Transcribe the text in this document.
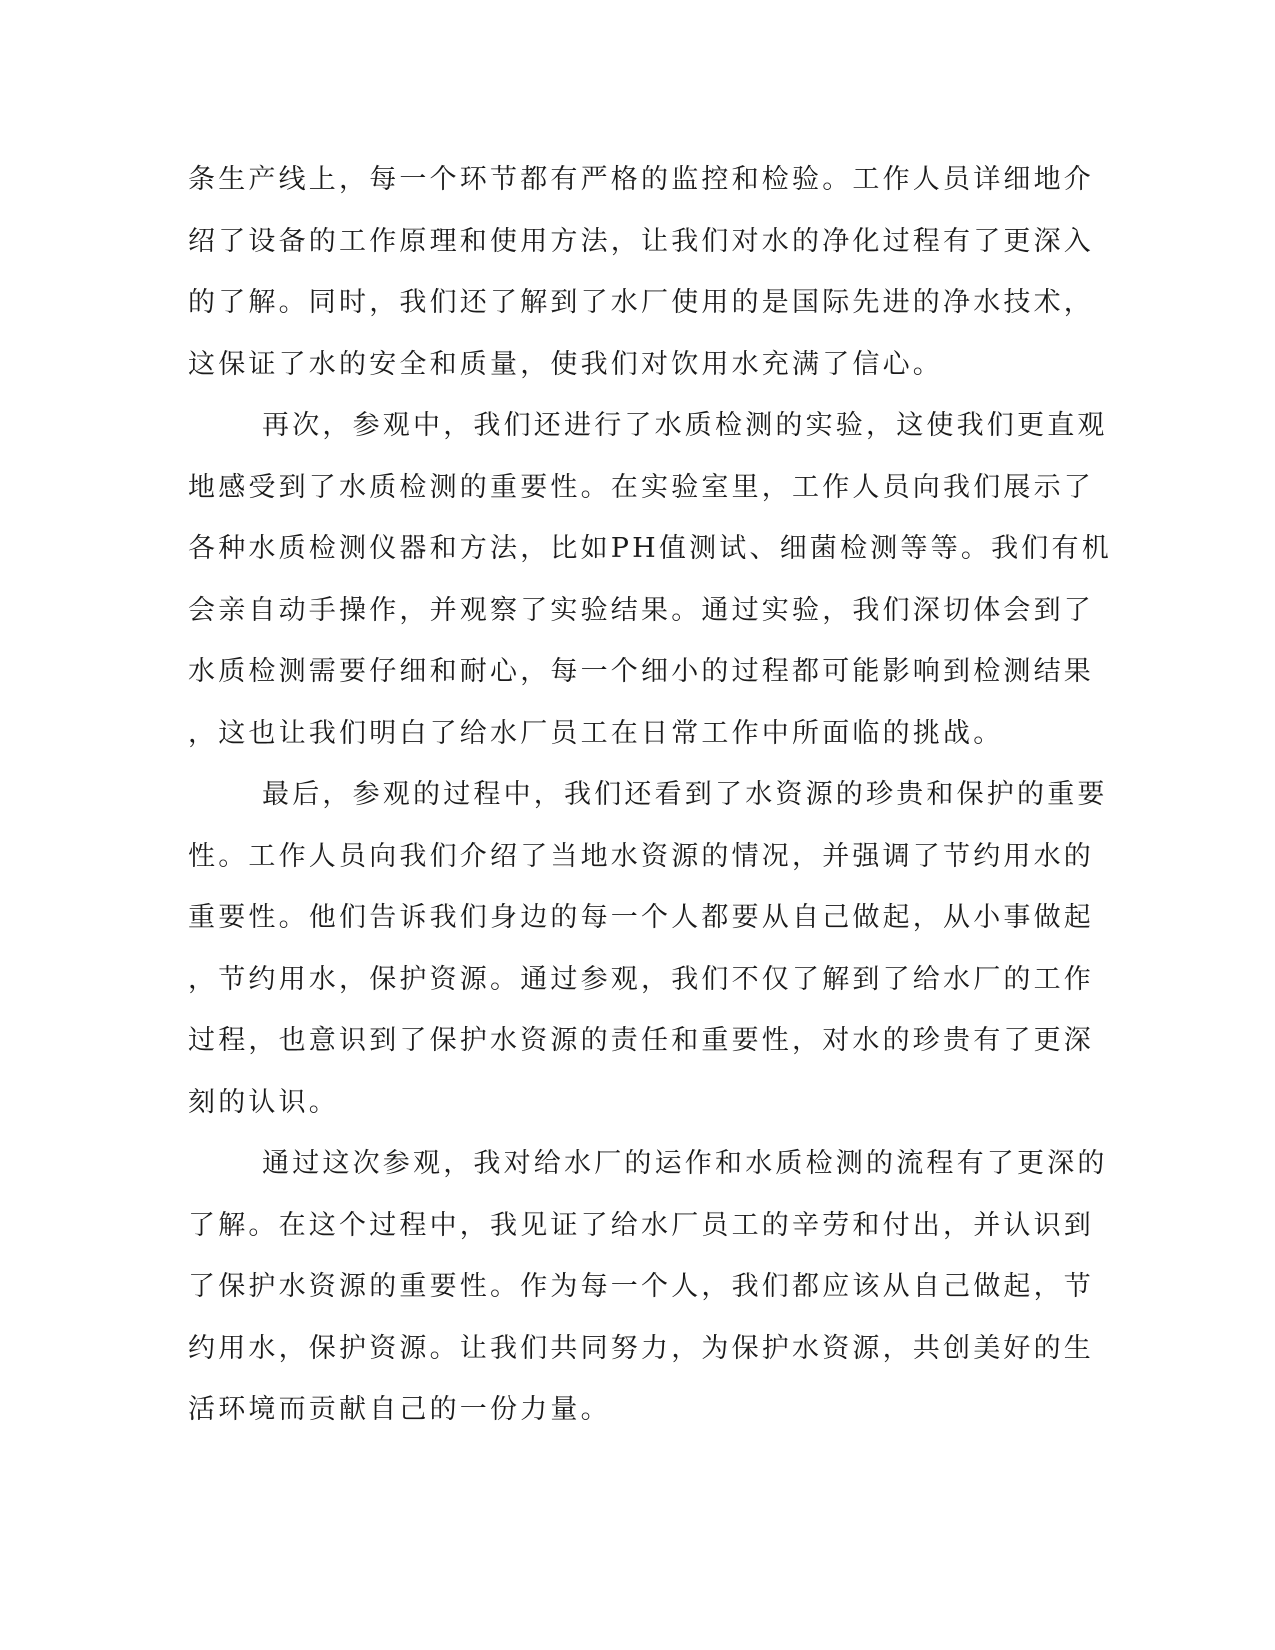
条生产线上，每一个环节都有严格的监控和检验。工作人员详细地介
绍了设备的工作原理和使用方法，让我们对水的净化过程有了更深入
的了解。同时，我们还了解到了水厂使用的是国际先进的净水技术，
这保证了水的安全和质量，使我们对饮用水充满了信心。
再次，参观中，我们还进行了水质检测的实验，这使我们更直观
地感受到了水质检测的重要性。在实验室里，工作人员向我们展示了
各种水质检测仪器和方法，比如PH值测试、细菌检测等等。我们有机
会亲自动手操作，并观察了实验结果。通过实验，我们深切体会到了
水质检测需要仔细和耐心，每一个细小的过程都可能影响到检测结果
，这也让我们明白了给水厂员工在日常工作中所面临的挑战。
最后，参观的过程中，我们还看到了水资源的珍贵和保护的重要
性。工作人员向我们介绍了当地水资源的情况，并强调了节约用水的
重要性。他们告诉我们身边的每一个人都要从自己做起，从小事做起
，节约用水，保护资源。通过参观，我们不仅了解到了给水厂的工作
过程，也意识到了保护水资源的责任和重要性，对水的珍贵有了更深
刻的认识。
通过这次参观，我对给水厂的运作和水质检测的流程有了更深的
了解。在这个过程中，我见证了给水厂员工的辛劳和付出，并认识到
了保护水资源的重要性。作为每一个人，我们都应该从自己做起，节
约用水，保护资源。让我们共同努力，为保护水资源，共创美好的生
活环境而贡献自己的一份力量。
